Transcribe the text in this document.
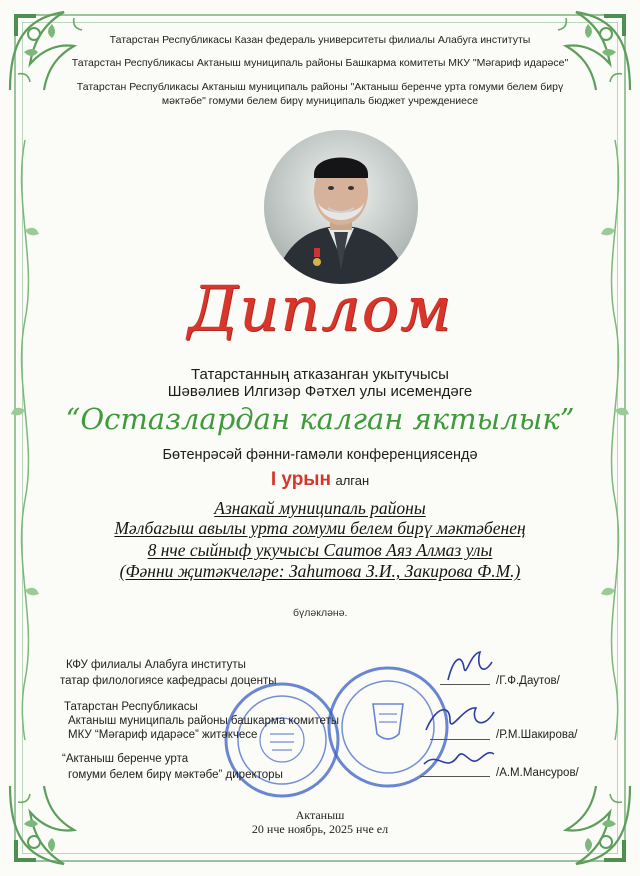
Татарстан Республикасы Казан федераль университеты филиалы Алабуга институты
Татарстан Республикасы Актаныш муниципаль районы Башкарма комитеты МКУ "Мәгариф идарәсе"
Татарстан Республикасы Актаныш муниципаль районы "Актаныш беренче урта гомуми белем бирү
мәктәбе" гомуми белем бирү муниципаль бюджет учреждениесе
Диплом
Татарстанның атказанган укытучысы
Шәвәлиев Илгизәр Фәтхел улы исемендәге
“Остазлардан калган яктылык”
Бөтенрәсәй фәнни-гамәли конференциясендә
I урын алган
Азнакай муниципаль районы
Мәлбагыш авылы урта гомуми белем бирү мәктәбенең
8 нче сыйныф укучысы Саитов Аяз Алмаз улы
(Фәнни җитәкчеләре: Заһитова З.И., Закирова Ф.М.)
бүләкләнә.
КФУ филиалы Алабуга институты
татар филологиясе кафедрасы доценты	/Г.Ф.Даутов/
Татарстан Республикасы
Актаныш муниципаль районы башкарма комитеты
МКУ “Мәгариф идарәсе” житәкчесе	/Р.М.Шакирова/
“Актаныш беренче урта
гомуми белем бирү мәктәбе” директоры	/А.М.Мансуров/
Актаныш
20 нче ноябрь, 2025 нче ел
